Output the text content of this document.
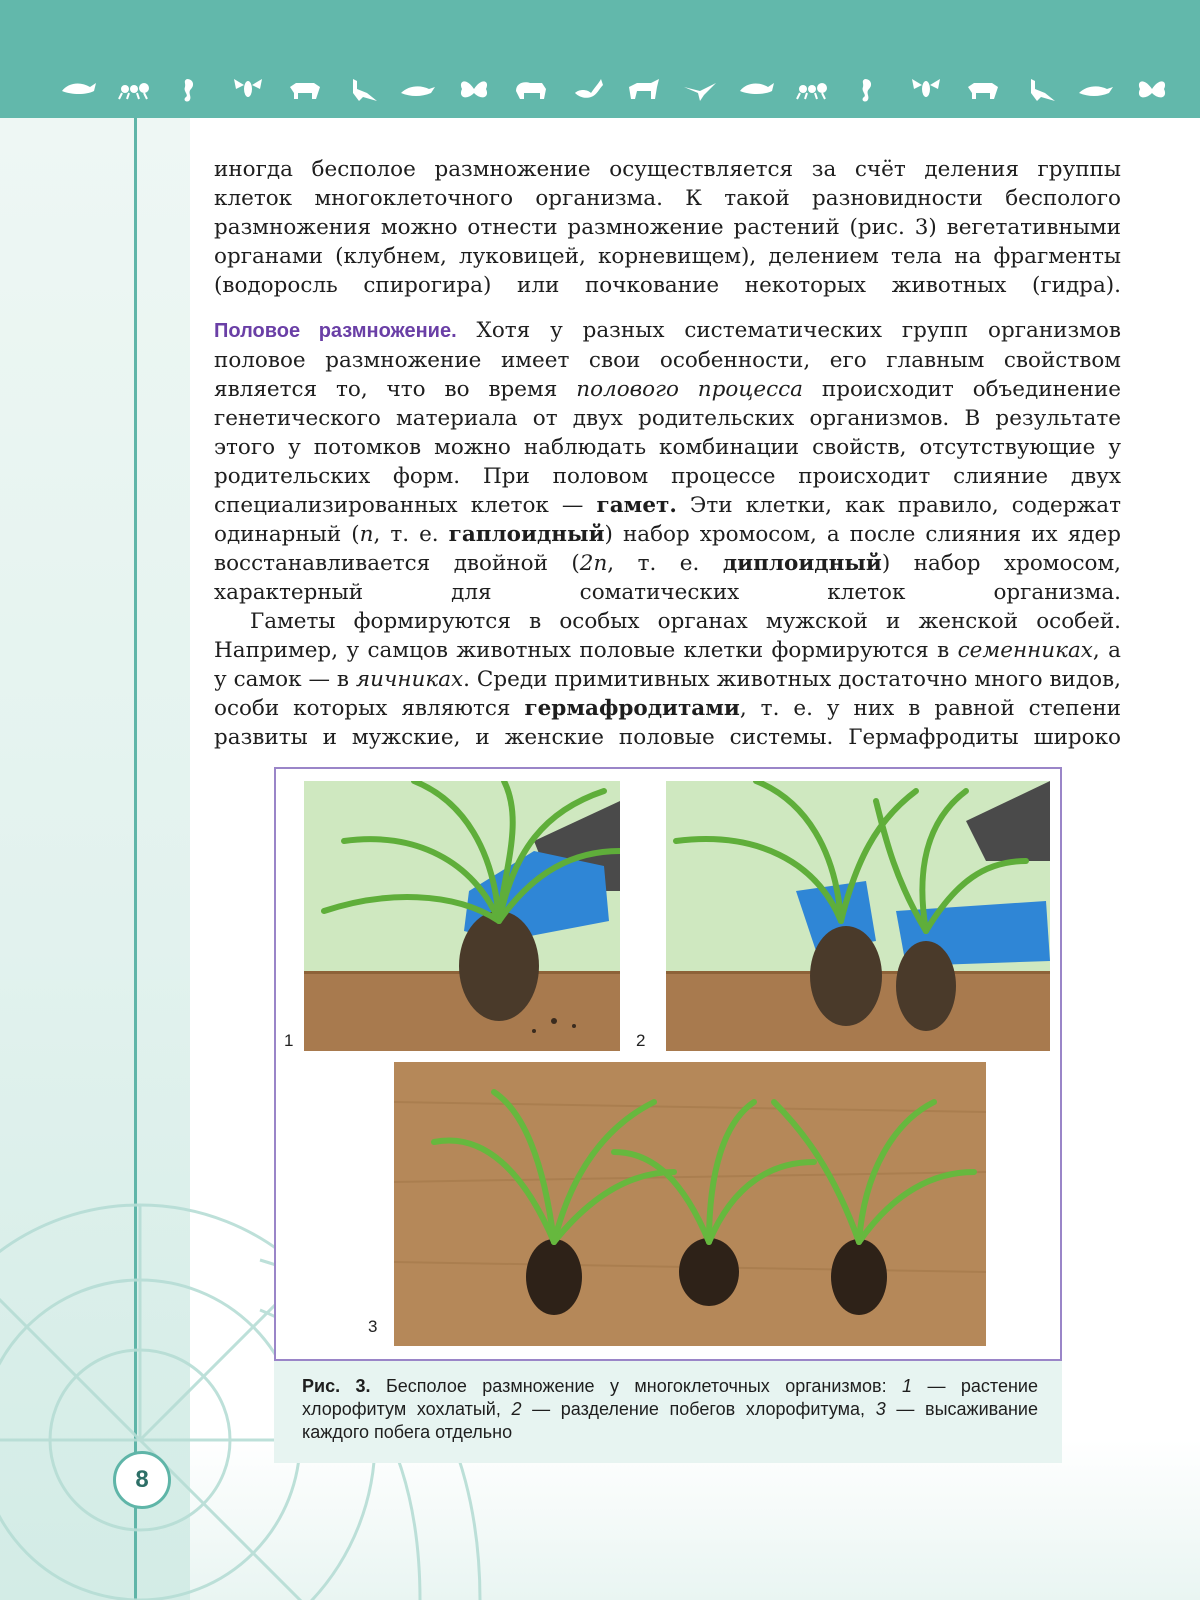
8

иногда бесполое размножение осуществляется за счёт деления группы клеток многоклеточного организма. К такой разновидности бесполого размножения можно отнести размножение растений (рис. 3) вегетативными органами (клубнем, луковицей, корневищем), делением тела на фрагменты (водоросль спирогира) или почкование некоторых животных (гидра).

Половое размножение. Хотя у разных систематических групп организмов половое размножение имеет свои особенности, его главным свойством является то, что во время полового процесса происходит объединение генетического материала от двух родительских организмов. В результате этого у потомков можно наблюдать комбинации свойств, отсутствующие у родительских форм. При половом процессе происходит слияние двух специализированных клеток — гамет. Эти клетки, как правило, содержат одинарный (n, т. е. гаплоидный) набор хромосом, а после слияния их ядер восстанавливается двойной (2n, т. е. диплоидный) набор хромосом, характерный для соматических клеток организма.

Гаметы формируются в особых органах мужской и женской особей. Например, у самцов животных половые клетки формируются в семенниках, а у самок — в яичниках. Среди примитивных животных достаточно много видов, особи которых являются гермафродитами, т. е. у них в равной степени развиты и мужские, и женские половые системы. Гермафродиты широко

1	2
3
Рис. 3. Бесполое размножение у многоклеточных организмов: 1 — растение хлорофитум хохлатый, 2 — разделение побегов хлорофитума, 3 — высаживание каждого побега отдельно
